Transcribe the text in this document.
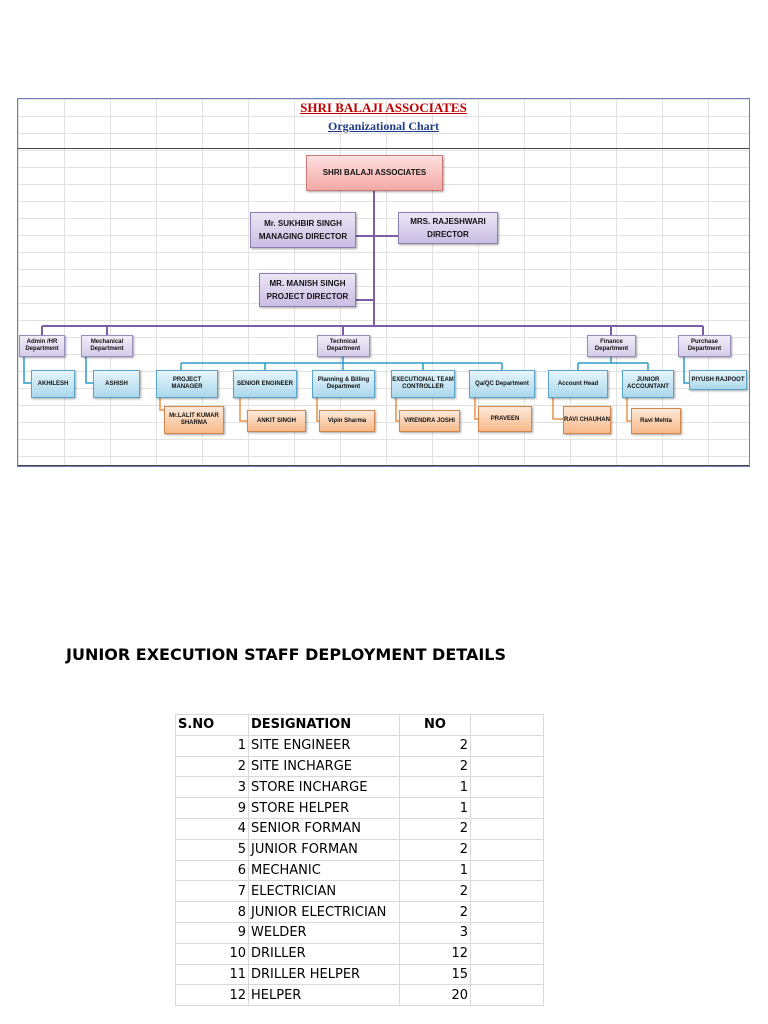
SHRI BALAJI ASSOCIATES
Organizational Chart
SHRI BALAJI ASSOCIATES
Mr. SUKHBIR SINGH
MANAGING DIRECTOR
MRS. RAJESHWARI
DIRECTOR
MR. MANISH SINGH
PROJECT DIRECTOR
Admin /HR Department
Mechanical Department
Technical Department
Finance Department
Purchase Department
AKHILESH	ASHISH
PROJECT MANAGER
SENIOR ENGINEER
Planning & Billing Department
EXECUTIONAL TEAM CONTROLLER
Qa/QC Department	Account Head
JUNIOR ACCOUNTANT
PIYUSH RAJPOOT
Mr.LALIT KUMAR SHARMA	ANKIT SINGH	Vipin Sharma	VIRENDRA JOSHI	PRAVEEN	RAVI CHAUHAN	Ravi Mehta
JUNIOR EXECUTION STAFF DEPLOYMENT DETAILS
S.NO	DESIGNATION	NO	
1	SITE ENGINEER	2	
2	SITE INCHARGE	2	
3	STORE INCHARGE	1	
9	STORE HELPER	1	
4	SENIOR FORMAN	2	
5	JUNIOR FORMAN	2	
6	MECHANIC	1	
7	ELECTRICIAN	2	
8	JUNIOR ELECTRICIAN	2	
9	WELDER	3	
10	DRILLER	12	
11	DRILLER HELPER	15	
12	HELPER	20	
